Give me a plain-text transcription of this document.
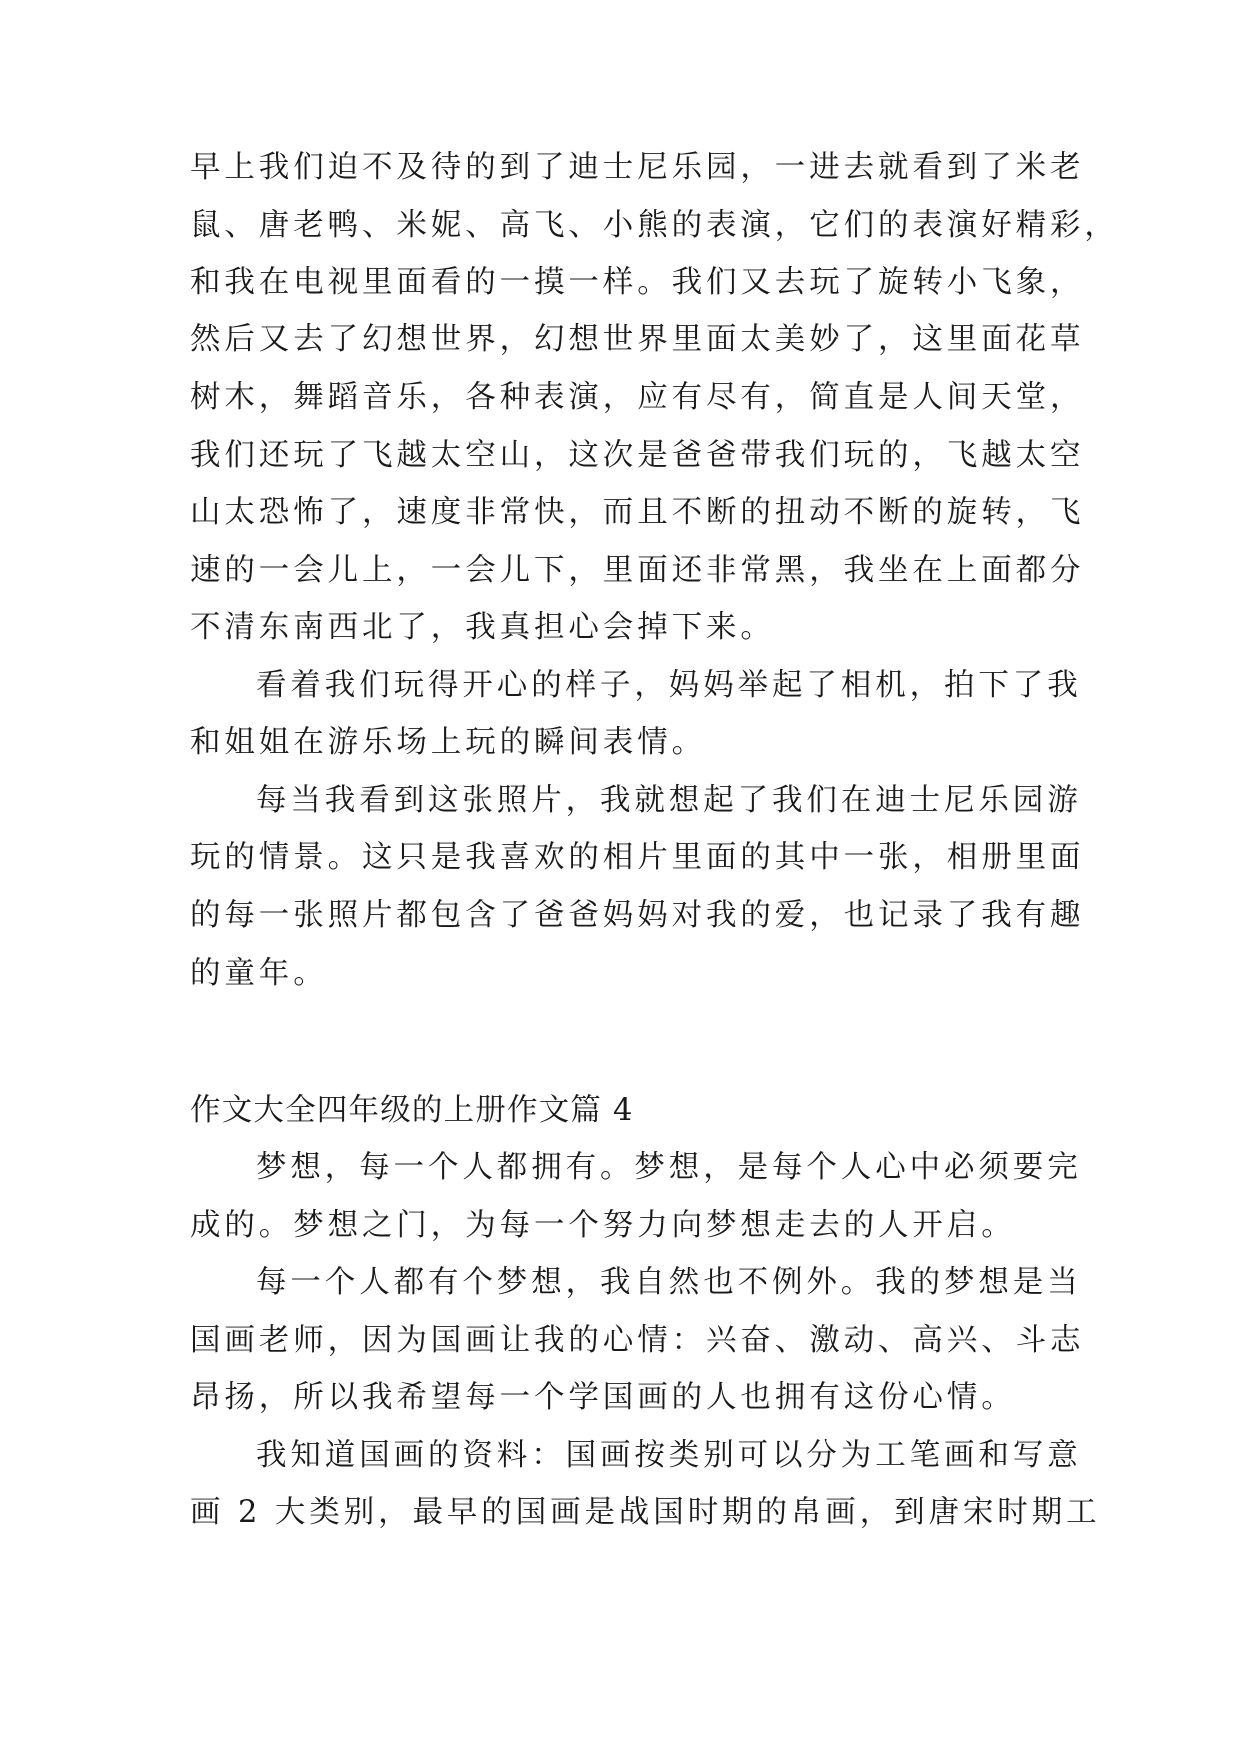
早上我们迫不及待的到了迪士尼乐园，一进去就看到了米老
鼠、唐老鸭、米妮、高飞、小熊的表演，它们的表演好精彩，
和我在电视里面看的一摸一样。我们又去玩了旋转小飞象，
然后又去了幻想世界，幻想世界里面太美妙了，这里面花草
树木，舞蹈音乐，各种表演，应有尽有，简直是人间天堂，
我们还玩了飞越太空山，这次是爸爸带我们玩的，飞越太空
山太恐怖了，速度非常快，而且不断的扭动不断的旋转，飞
速的一会儿上，一会儿下，里面还非常黑，我坐在上面都分
不清东南西北了，我真担心会掉下来。
看着我们玩得开心的样子，妈妈举起了相机，拍下了我
和姐姐在游乐场上玩的瞬间表情。
每当我看到这张照片，我就想起了我们在迪士尼乐园游
玩的情景。这只是我喜欢的相片里面的其中一张，相册里面
的每一张照片都包含了爸爸妈妈对我的爱，也记录了我有趣
的童年。
作文大全四年级的上册作文篇 4
梦想，每一个人都拥有。梦想，是每个人心中必须要完
成的。梦想之门，为每一个努力向梦想走去的人开启。
每一个人都有个梦想，我自然也不例外。我的梦想是当
国画老师，因为国画让我的心情：兴奋、激动、高兴、斗志
昂扬，所以我希望每一个学国画的人也拥有这份心情。
我知道国画的资料：国画按类别可以分为工笔画和写意
画 2 大类别，最早的国画是战国时期的帛画，到唐宋时期工
